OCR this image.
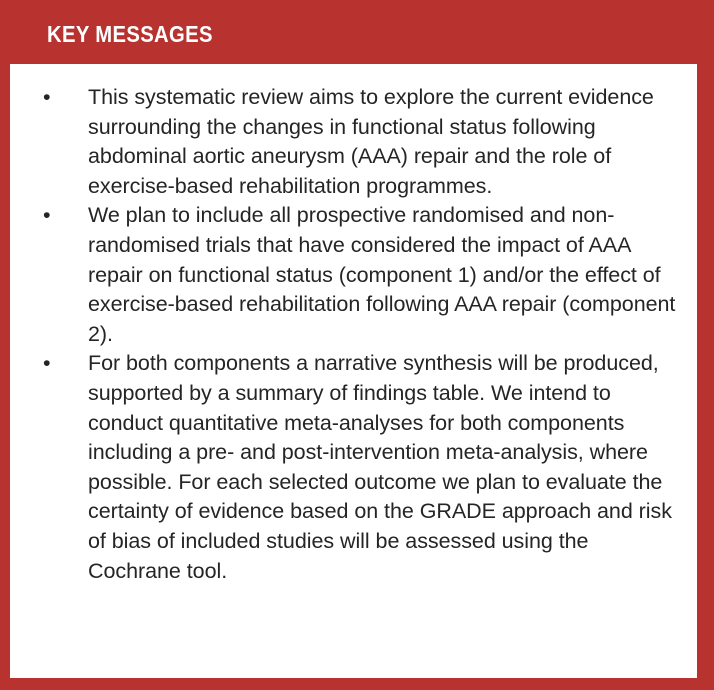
KEY MESSAGES
•	This systematic review aims to explore the current evidence surrounding the changes in functional status following abdominal aortic aneurysm (AAA) repair and the role of exercise-based rehabilitation programmes.
•	We plan to include all prospective randomised and non-randomised trials that have considered the impact of AAA repair on functional status (component 1) and/or the effect of exercise-based rehabilitation following AAA repair (component 2).
•	For both components a narrative synthesis will be produced, supported by a summary of findings table. We intend to conduct quantitative meta-analyses for both components including a pre- and post-intervention meta-analysis, where possible. For each selected outcome we plan to evaluate the certainty of evidence based on the GRADE approach and risk of bias of included studies will be assessed using the Cochrane tool.
